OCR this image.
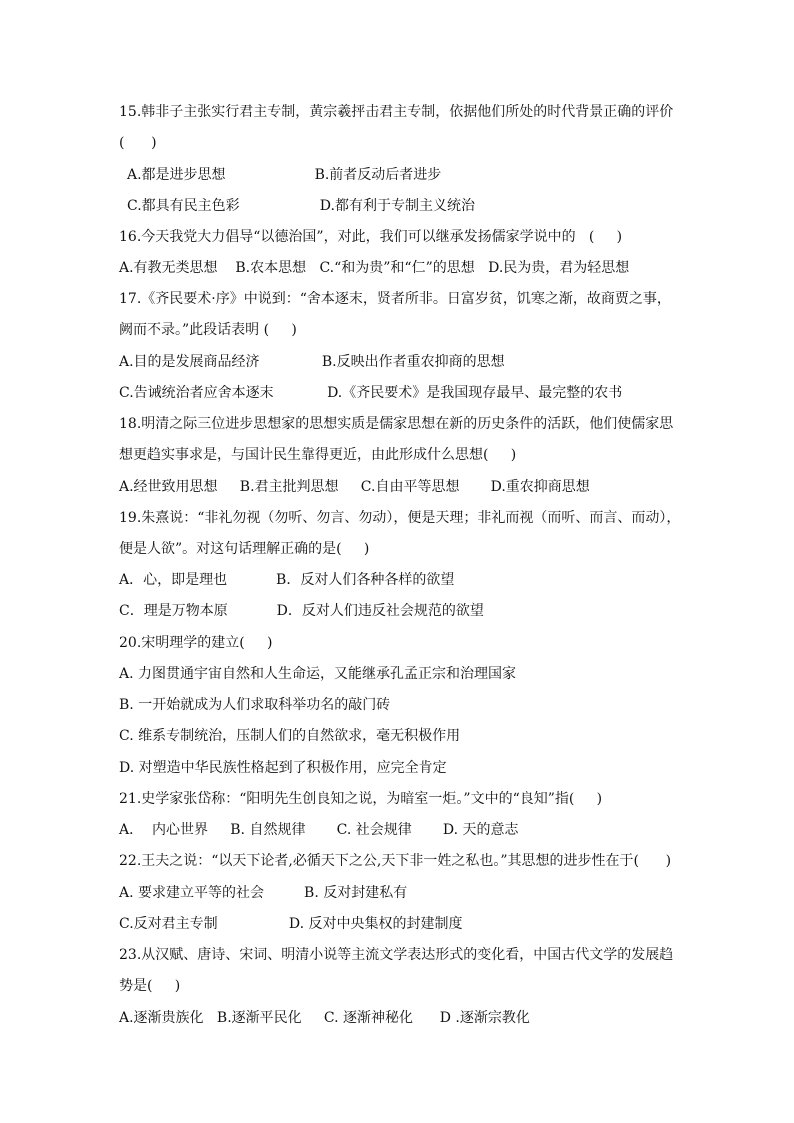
15.韩非子主张实行君主专制，黄宗羲抨击君主专制，依据他们所处的时代背景正确的评价
(      )
A.都是进步思想                    B.前者反动后者进步
C.都具有民主色彩                  D.都有利于专制主义统治
16.今天我党大力倡导“以德治国”，对此，我们可以继承发扬儒家学说中的   (     )
A.有教无类思想    B.农本思想   C.“和为贵”和“仁”的思想   D.民为贵，君为轻思想
17.《齐民要术·序》中说到：“舍本逐末，贤者所非。日富岁贫，饥寒之渐，故商贾之事，
阙而不录。”此段话表明 (     )
A.目的是发展商品经济              B.反映出作者重农抑商的思想
C.告诫统治者应舍本逐末            D.《齐民要术》是我国现存最早、最完整的农书
18.明清之际三位进步思想家的思想实质是儒家思想在新的历史条件的活跃，他们使儒家思
想更趋实事求是，与国计民生靠得更近，由此形成什么思想(     )
A.经世致用思想     B.君主批判思想     C.自由平等思想       D.重农抑商思想
19.朱熹说：“非礼勿视（勿听、勿言、勿动），便是天理；非礼而视（而听、而言、而动），
便是人欲”。对这句话理解正确的是(     )
A．心，即是理也           B．反对人们各种各样的欲望
C．理是万物本原           D．反对人们违反社会规范的欲望
20.宋明理学的建立(     )
A. 力图贯通宇宙自然和人生命运，又能继承孔孟正宗和治理国家
B. 一开始就成为人们求取科举功名的敲门砖
C. 维系专制统治，压制人们的自然欲求，毫无积极作用
D. 对塑造中华民族性格起到了积极作用，应完全肯定
21.史学家张岱称：“阳明先生创良知之说，为暗室一炬。”文中的“良知”指(     )
A．  内心世界     B. 自然规律       C. 社会规律       D. 天的意志
22.王夫之说：“以天下论者,必循天下之公,天下非一姓之私也。”其思想的进步性在于(      )
A. 要求建立平等的社会         B. 反对封建私有
C.反对君主专制                D. 反对中央集权的封建制度
23.从汉赋、唐诗、宋词、明清小说等主流文学表达形式的变化看，中国古代文学的发展趋
势是(     )
A.逐渐贵族化   B.逐渐平民化     C. 逐渐神秘化      D .逐渐宗教化
